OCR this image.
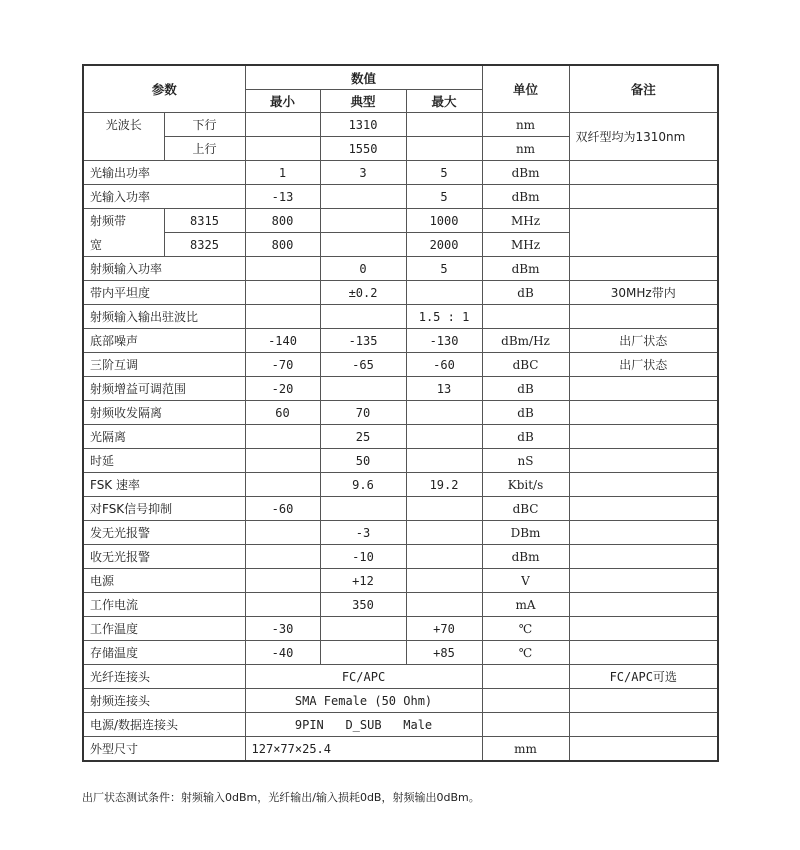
参数		数值			单位	备注
		最小	典型	最大		
光波长	下行		1310		nm	双纤型均为1310nm
	上行		1550		nm	
光输出功率		1	3	5	dBm	
光输入功率		-13		5	dBm	
射频带	8315	800		1000	MHz	
宽	8325	800		2000	MHz	
射频输入功率			0	5	dBm	
带内平坦度			±0.2		dB	30MHz带内
射频输入输出驻波比				1.5 : 1		
底部噪声		-140	-135	-130	dBm/Hz	出厂状态
三阶互调		-70	-65	-60	dBC	出厂状态
射频增益可调范围		-20		13	dB	
射频收发隔离		60	70		dB	
光隔离			25		dB	
时延			50		nS	
FSK 速率			9.6	19.2	Kbit/s	
对FSK信号抑制		-60			dBC	
发无光报警			-3		DBm	
收无光报警			-10		dBm	
电源			+12		V	
工作电流			350		mA	
工作温度		-30		+70	℃	
存储温度		-40		+85	℃	
光纤连接头		FC/APC				FC/APC可选
射频连接头		SMA Female (50 Ohm)				
电源/数据连接头		9PIN   D_SUB   Male				
外型尺寸		127×77×25.4			mm	
出厂状态测试条件：射频输入0dBm，光纤输出/输入损耗0dB，射频输出0dBm。
